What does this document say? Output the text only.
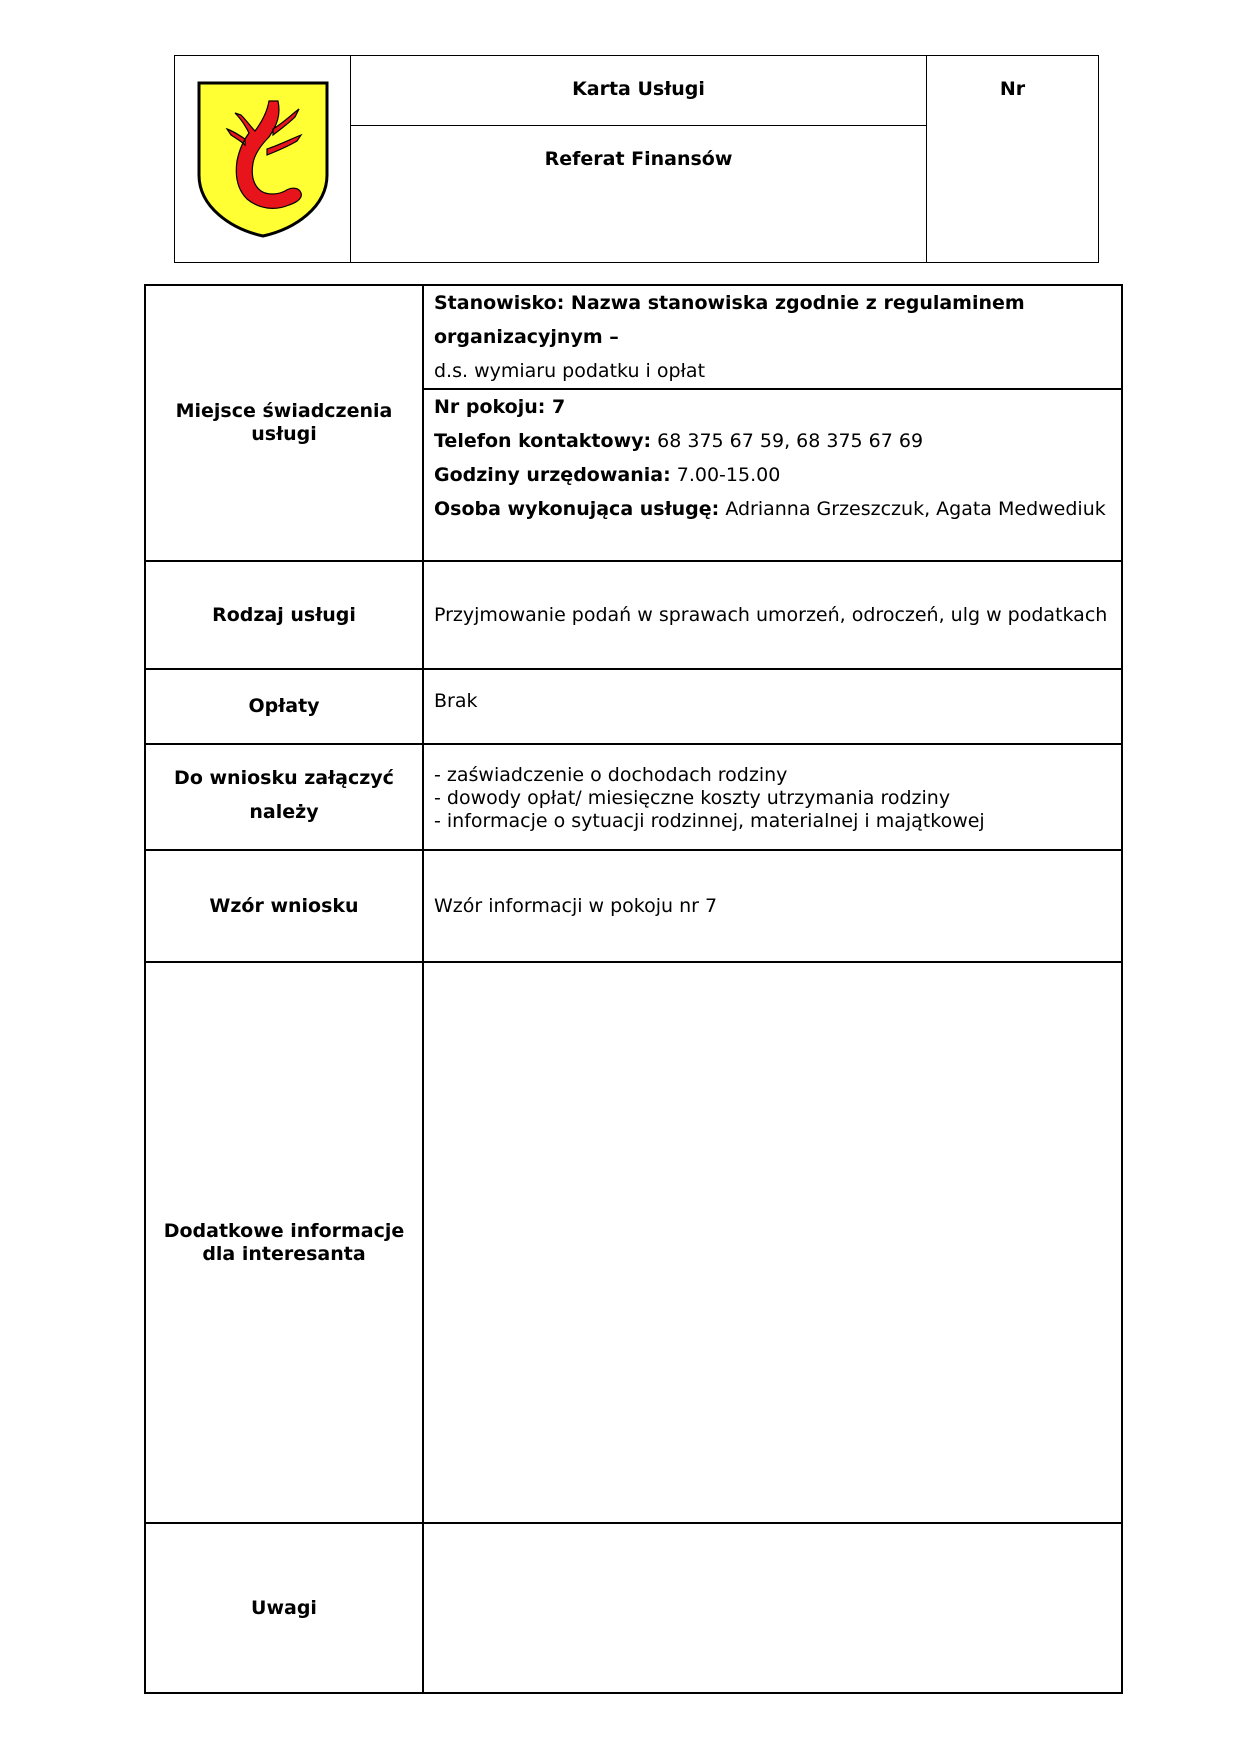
Karta Usługi	Nr

Referat Finansów
Miejsce świadczenia usługi	Stanowisko: Nazwa stanowiska zgodnie z regulaminem organizacyjnym –
d.s. wymiaru podatku i opłat

	Nr pokoju: 7
Telefon kontaktowy: 68 375 67 59, 68 375 67 69
Godziny urzędowania: 7.00-15.00
Osoba wykonująca usługę: Adrianna Grzeszczuk, Agata Medwediuk

Rodzaj usługi	Przyjmowanie podań w sprawach umorzeń, odroczeń, ulg w podatkach
Opłaty	Brak
Do wniosku załączyć należy	- zaświadczenie o dochodach rodziny
- dowody opłat/ miesięczne koszty utrzymania rodziny
- informacje o sytuacji rodzinnej, materialnej i majątkowej

Wzór wniosku	Wzór informacji w pokoju nr 7
Dodatkowe informacje dla interesanta	
Uwagi	
